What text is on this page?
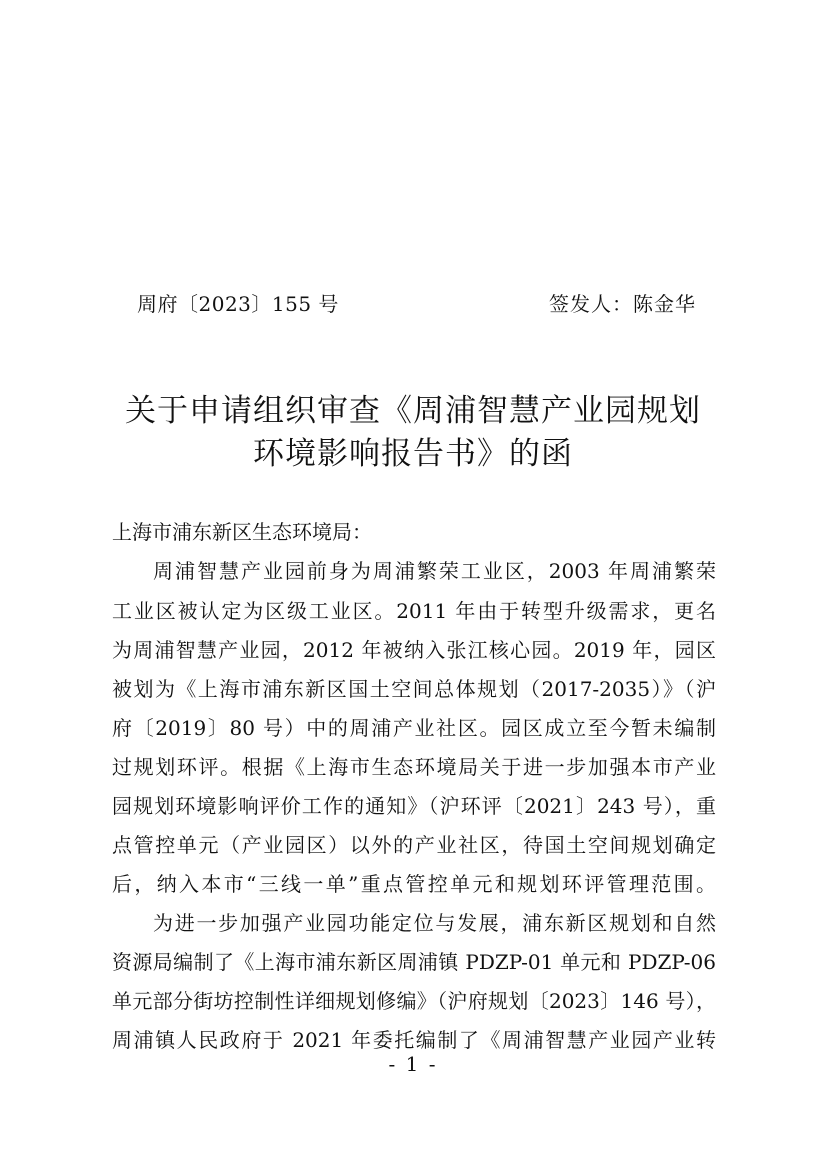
周府〔2023〕155 号	签发人：陈金华
关于申请组织审查《周浦智慧产业园规划
环境影响报告书》的函
上海市浦东新区生态环境局：
周浦智慧产业园前身为周浦繁荣工业区，2003 年周浦繁荣
工业区被认定为区级工业区。2011 年由于转型升级需求，更名
为周浦智慧产业园，2012 年被纳入张江核心园。2019 年，园区
被划为《上海市浦东新区国土空间总体规划（2017-2035）》（沪
府〔2019〕80 号）中的周浦产业社区。园区成立至今暂未编制
过规划环评。根据《上海市生态环境局关于进一步加强本市产业
园规划环境影响评价工作的通知》（沪环评〔2021〕243 号），重
点管控单元（产业园区）以外的产业社区，待国土空间规划确定
后，纳入本市“三线一单”重点管控单元和规划环评管理范围。
为进一步加强产业园功能定位与发展，浦东新区规划和自然
资源局编制了《上海市浦东新区周浦镇 PDZP-01 单元和 PDZP-06
单元部分街坊控制性详细规划修编》（沪府规划〔2023〕146 号），
周浦镇人民政府于 2021 年委托编制了《周浦智慧产业园产业转
- 1 -
